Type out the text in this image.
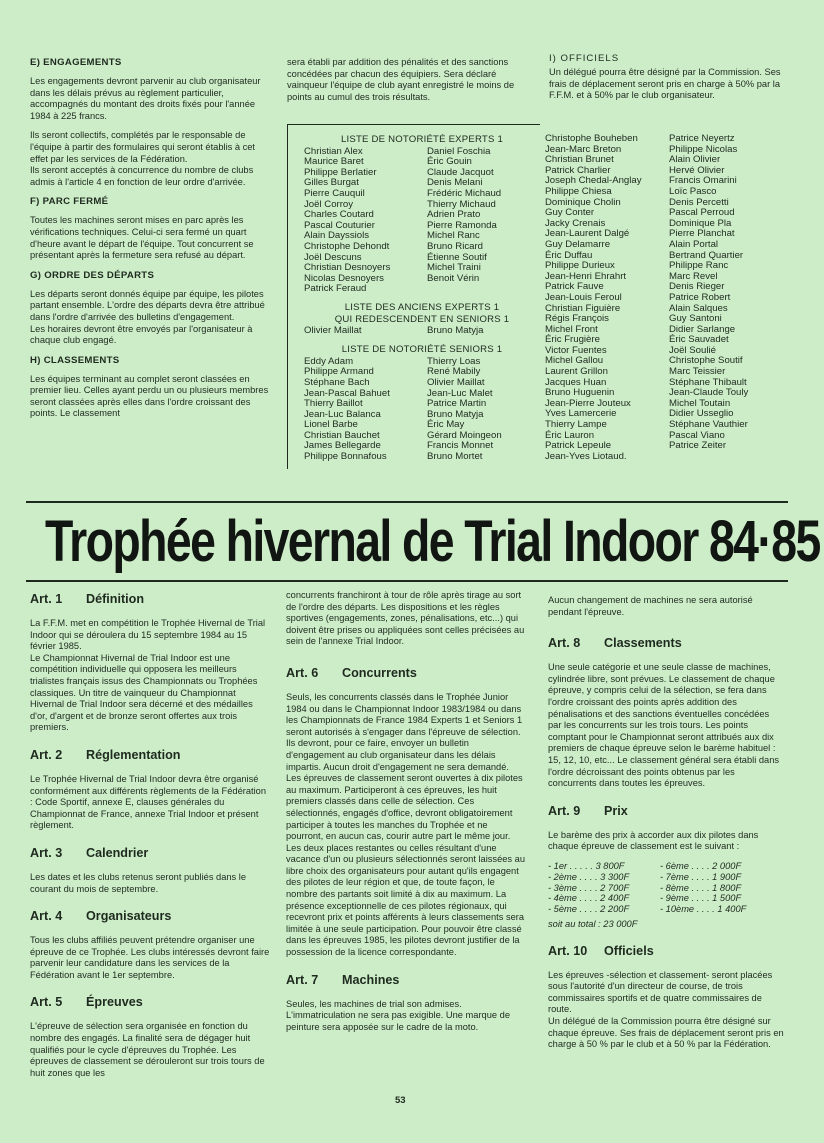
E) ENGAGEMENTS

Les engagements devront parvenir au club organisateur dans les délais prévus au règlement particulier, accompagnés du montant des droits fixés pour l'année 1984 à 225 francs.

Ils seront collectifs, complétés par le responsable de l'équipe à partir des formulaires qui seront établis à cet effet par les services de la Fédération.
Ils seront acceptés à concurrence du nombre de clubs admis à l'article 4 en fonction de leur ordre d'arrivée.

F) PARC FERMÉ

Toutes les machines seront mises en parc après les vérifications techniques. Celui-ci sera fermé un quart d'heure avant le départ de l'équipe. Tout concurrent se présentant après la fermeture sera refusé au départ.

G) ORDRE DES DÉPARTS

Les départs seront donnés équipe par équipe, les pilotes partant ensemble. L'ordre des départs devra être attribué dans l'ordre d'arrivée des bulletins d'engagement.
Les horaires devront être envoyés par l'organisateur à chaque club engagé.

H) CLASSEMENTS

Les équipes terminant au complet seront classées en premier lieu. Celles ayant perdu un ou plusieurs membres seront classées après elles dans l'ordre croissant des points. Le classement

sera établi par addition des pénalités et des sanctions concédées par chacun des équipiers. Sera déclaré vainqueur l'équipe de club ayant enregistré le moins de points au cumul des trois résultats.

I) OFFICIELS

Un délégué pourra être désigné par la Commission. Ses frais de déplacement seront pris en charge à 50% par la F.F.M. et à 50% par le club organisateur.

LISTE DE NOTORIÉTÉ EXPERTS 1
Christian Alex	Daniel Foschia
Maurice Baret	Éric Gouin
Philippe Berlatier	Claude Jacquot
Gilles Burgat	Denis Melani
Pierre Cauquil	Frédéric Michaud
Joël Corroy	Thierry Michaud
Charles Coutard	Adrien Prato
Pascal Couturier	Pierre Ramonda
Alain Dayssiols	Michel Ranc
Christophe Dehondt	Bruno Ricard
Joël Descuns	Étienne Soutif
Christian Desnoyers	Michel Traini
Nicolas Desnoyers	Benoit Vérin
Patrick Feraud
LISTE DES ANCIENS EXPERTS 1
QUI REDESCENDENT EN SENIORS 1
Olivier Maillat	Bruno Matyja
LISTE DE NOTORIÉTÉ SENIORS 1
Eddy Adam	Thierry Loas
Philippe Armand	René Mabily
Stéphane Bach	Olivier Maillat
Jean-Pascal Bahuet	Jean-Luc Malet
Thierry Baillot	Patrice Martin
Jean-Luc Balanca	Bruno Matyja
Lionel Barbe	Éric May
Christian Bauchet	Gérard Moingeon
James Bellegarde	Francis Monnet
Philippe Bonnafous	Bruno Mortet
Christophe Bouheben	Patrice Neyertz
Jean-Marc Breton	Philippe Nicolas
Christian Brunet	Alain Olivier
Patrick Charlier	Hervé Olivier
Joseph Chedal-Anglay	Francis Omarini
Philippe Chiesa	Loïc Pasco
Dominique Cholin	Denis Percetti
Guy Conter	Pascal Perroud
Jacky Crenais	Dominique Pla
Jean-Laurent Dalgé	Pierre Planchat
Guy Delamarre	Alain Portal
Éric Duffau	Bertrand Quartier
Philippe Durieux	Philippe Ranc
Jean-Henri Ehrahrt	Marc Revel
Patrick Fauve	Denis Rieger
Jean-Louis Feroul	Patrice Robert
Christian Figuière	Alain Salques
Régis François	Guy Santoni
Michel Front	Didier Sarlange
Éric Frugière	Éric Sauvadet
Victor Fuentes	Joël Soulié
Michel Gallou	Christophe Soutif
Laurent Grillon	Marc Teissier
Jacques Huan	Stéphane Thibault
Bruno Huguenin	Jean-Claude Touly
Jean-Pierre Jouteux	Michel Toutain
Yves Lamercerie	Didier Usseglio
Thierry Lampe	Stéphane Vauthier
Éric Lauron	Pascal Viano
Patrick Lepeule	Patrice Zeiter
Jean-Yves Liotaud.
Trophée hivernal de Trial Indoor 84·85
Art. 1 Définition

La F.F.M. met en compétition le Trophée Hivernal de Trial Indoor qui se déroulera du 15 septembre 1984 au 15 février 1985.
Le Championnat Hivernal de Trial Indoor est une compétition individuelle qui opposera les meilleurs trialistes français issus des Championnats ou Trophées classiques. Un titre de vainqueur du Championnat Hivernal de Trial Indoor sera décerné et des médailles d'or, d'argent et de bronze seront offertes aux trois premiers.

Art. 2 Réglementation

Le Trophée Hivernal de Trial Indoor devra être organisé conformément aux différents règlements de la Fédération : Code Sportif, annexe E, clauses générales du Championnat de France, annexe Trial Indoor et présent règlement.

Art. 3 Calendrier

Les dates et les clubs retenus seront publiés dans le courant du mois de septembre.

Art. 4 Organisateurs

Tous les clubs affiliés peuvent prétendre organiser une épreuve de ce Trophée. Les clubs intéressés devront faire parvenir leur candidature dans les services de la Fédération avant le 1er septembre.

Art. 5 Épreuves

L'épreuve de sélection sera organisée en fonction du nombre des engagés. La finalité sera de dégager huit qualifiés pour le cycle d'épreuves du Trophée. Les épreuves de classement se dérouleront sur trois tours de huit zones que les

concurrents franchiront à tour de rôle après tirage au sort de l'ordre des départs. Les dispositions et les règles sportives (engagements, zones, pénalisations, etc...) qui doivent être prises ou appliquées sont celles précisées au sein de l'annexe Trial Indoor.

Art. 6 Concurrents

Seuls, les concurrents classés dans le Trophée Junior 1984 ou dans le Championnat Indoor 1983/1984 ou dans les Championnats de France 1984 Experts 1 et Seniors 1 seront autorisés à s'engager dans l'épreuve de sélection. Ils devront, pour ce faire, envoyer un bulletin d'engagement au club organisateur dans les délais impartis. Aucun droit d'engagement ne sera demandé.
Les épreuves de classement seront ouvertes à dix pilotes au maximum. Participeront à ces épreuves, les huit premiers classés dans celle de sélection. Ces sélectionnés, engagés d'office, devront obligatoirement participer à toutes les manches du Trophée et ne pourront, en aucun cas, courir autre part le même jour.
Les deux places restantes ou celles résultant d'une vacance d'un ou plusieurs sélectionnés seront laissées au libre choix des organisateurs pour autant qu'ils engagent des pilotes de leur région et que, de toute façon, le nombre des partants soit limité à dix au maximum. La présence exceptionnelle de ces pilotes régionaux, qui recevront prix et points afférents à leurs classements sera limitée à une seule participation. Pour pouvoir être classé dans les épreuves 1985, les pilotes devront justifier de la possession de la licence correspondante.

Art. 7 Machines

Seules, les machines de trial son admises. L'immatriculation ne sera pas exigible. Une marque de peinture sera apposée sur le cadre de la moto.

Aucun changement de machines ne sera autorisé pendant l'épreuve.

Art. 8 Classements

Une seule catégorie et une seule classe de machines, cylindrée libre, sont prévues. Le classement de chaque épreuve, y compris celui de la sélection, se fera dans l'ordre croissant des points après addition des pénalisations et des sanctions éventuelles concédées par les concurrents sur les trois tours. Les points comptant pour le Championnat seront attribués aux dix premiers de chaque épreuve selon le barème habituel : 15, 12, 10, etc... Le classement général sera établi dans l'ordre décroissant des points obtenus par les concurrents dans toutes les épreuves.

Art. 9 Prix

Le barème des prix à accorder aux dix pilotes dans chaque épreuve de classement est le suivant :

- 1er . . . . . 3 800F	- 6ème . . . . 2 000F
- 2ème . . . . 3 300F	- 7ème . . . . 1 900F
- 3ème . . . . 2 700F	- 8ème . . . . 1 800F
- 4ème . . . . 2 400F	- 9ème . . . . 1 500F
- 5ème . . . . 2 200F	- 10ème . . . . 1 400F
soit au total : 23 000F
Art. 10 Officiels

Les épreuves -sélection et classement- seront placées sous l'autorité d'un directeur de course, de trois commissaires sportifs et de quatre commissaires de route.
Un délégué de la Commission pourra être désigné sur chaque épreuve. Ses frais de déplacement seront pris en charge à 50 % par le club et à 50 % par la Fédération.

53
